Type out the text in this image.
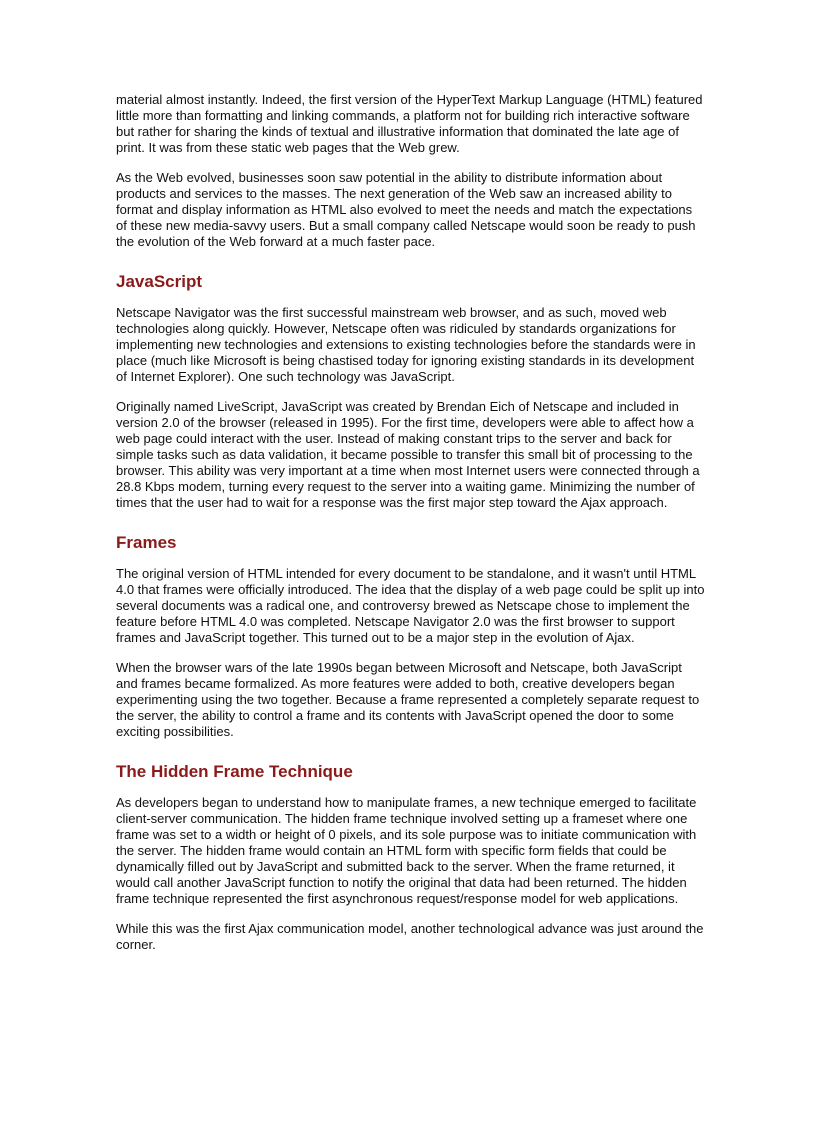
material almost instantly. Indeed, the first version of the HyperText Markup Language (HTML) featured little more than formatting and linking commands, a platform not for building rich interactive software but rather for sharing the kinds of textual and illustrative information that dominated the late age of print. It was from these static web pages that the Web grew.

As the Web evolved, businesses soon saw potential in the ability to distribute information about products and services to the masses. The next generation of the Web saw an increased ability to format and display information as HTML also evolved to meet the needs and match the expectations of these new media-savvy users. But a small company called Netscape would soon be ready to push the evolution of the Web forward at a much faster pace.

JavaScript

Netscape Navigator was the first successful mainstream web browser, and as such, moved web technologies along quickly. However, Netscape often was ridiculed by standards organizations for implementing new technologies and extensions to existing technologies before the standards were in place (much like Microsoft is being chastised today for ignoring existing standards in its development of Internet Explorer). One such technology was JavaScript.

Originally named LiveScript, JavaScript was created by Brendan Eich of Netscape and included in version 2.0 of the browser (released in 1995). For the first time, developers were able to affect how a web page could interact with the user. Instead of making constant trips to the server and back for simple tasks such as data validation, it became possible to transfer this small bit of processing to the browser. This ability was very important at a time when most Internet users were connected through a 28.8 Kbps modem, turning every request to the server into a waiting game. Minimizing the number of times that the user had to wait for a response was the first major step toward the Ajax approach.

Frames

The original version of HTML intended for every document to be standalone, and it wasn't until HTML 4.0 that frames were officially introduced. The idea that the display of a web page could be split up into several documents was a radical one, and controversy brewed as Netscape chose to implement the feature before HTML 4.0 was completed. Netscape Navigator 2.0 was the first browser to support frames and JavaScript together. This turned out to be a major step in the evolution of Ajax.

When the browser wars of the late 1990s began between Microsoft and Netscape, both JavaScript and frames became formalized. As more features were added to both, creative developers began experimenting using the two together. Because a frame represented a completely separate request to the server, the ability to control a frame and its contents with JavaScript opened the door to some exciting possibilities.

The Hidden Frame Technique

As developers began to understand how to manipulate frames, a new technique emerged to facilitate client-server communication. The hidden frame technique involved setting up a frameset where one frame was set to a width or height of 0 pixels, and its sole purpose was to initiate communication with the server. The hidden frame would contain an HTML form with specific form fields that could be dynamically filled out by JavaScript and submitted back to the server. When the frame returned, it would call another JavaScript function to notify the original that data had been returned. The hidden frame technique represented the first asynchronous request/response model for web applications.

While this was the first Ajax communication model, another technological advance was just around the corner.
